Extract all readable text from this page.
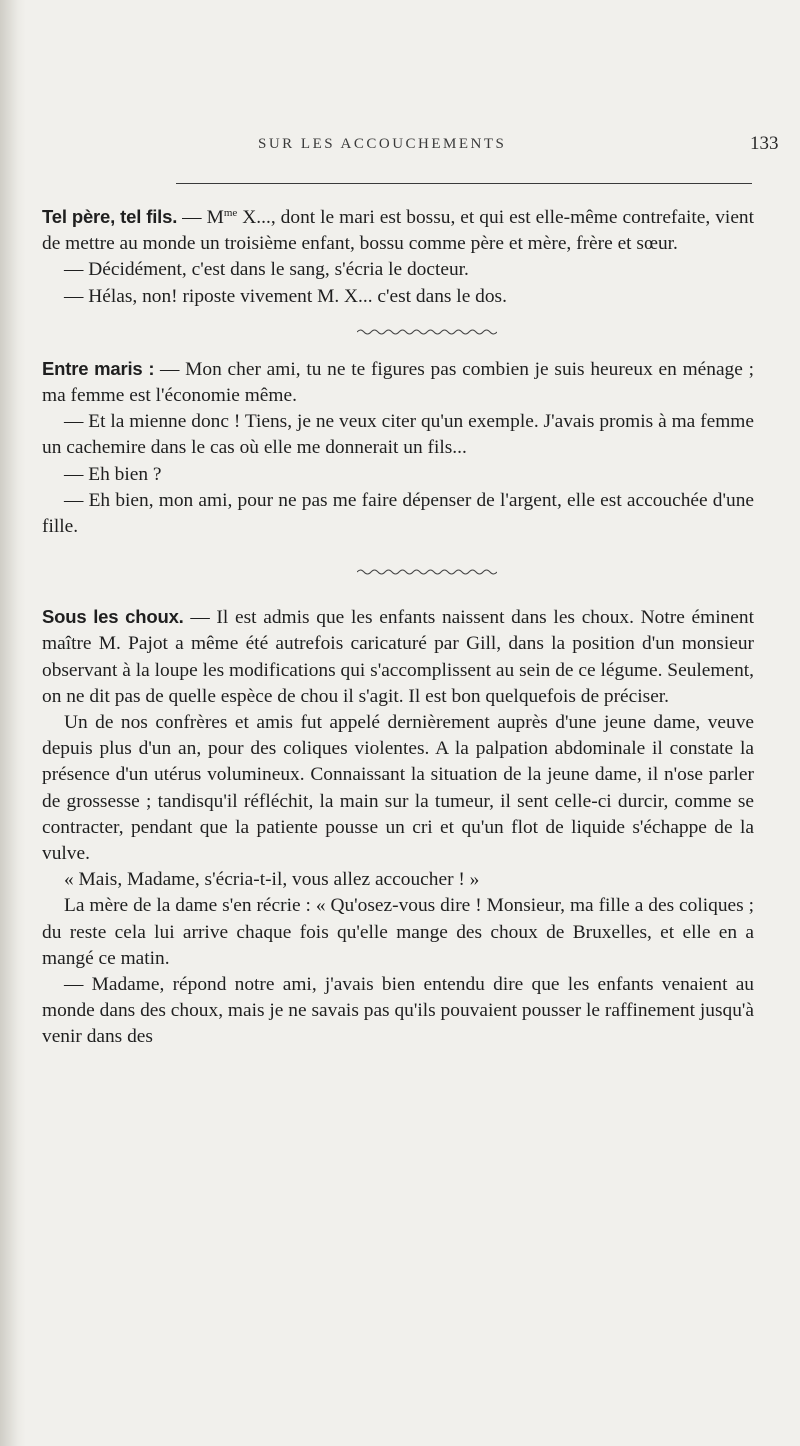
SUR LES ACCOUCHEMENTS	133

Tel père, tel fils. — $M^{me}$ X..., dont le mari est bossu, et qui est elle-même contrefaite, vient de mettre au monde un troisième enfant, bossu comme père et mère, frère et sœur.

— Décidément, c'est dans le sang, s'écria le docteur.

— Hélas, non! riposte vivement M. X... c'est dans le dos.

Entre maris : — Mon cher ami, tu ne te figures pas combien je suis heureux en ménage ; ma femme est l'économie même.

— Et la mienne donc ! Tiens, je ne veux citer qu'un exemple. J'avais promis à ma femme un cachemire dans le cas où elle me donnerait un fils...

— Eh bien ?

— Eh bien, mon ami, pour ne pas me faire dépenser de l'argent, elle est accouchée d'une fille.

Sous les choux. — Il est admis que les enfants naissent dans les choux. Notre éminent maître M. Pajot a même été autrefois caricaturé par Gill, dans la position d'un monsieur observant à la loupe les modifications qui s'accomplissent au sein de ce légume. Seulement, on ne dit pas de quelle espèce de chou il s'agit. Il est bon quelquefois de préciser.

Un de nos confrères et amis fut appelé dernièrement auprès d'une jeune dame, veuve depuis plus d'un an, pour des coliques violentes. A la palpation abdominale il constate la présence d'un utérus volumineux. Connaissant la situation de la jeune dame, il n'ose parler de grossesse ; tandisqu'il réfléchit, la main sur la tumeur, il sent celle-ci durcir, comme se contracter, pendant que la patiente pousse un cri et qu'un flot de liquide s'échappe de la vulve.

« Mais, Madame, s'écria-t-il, vous allez accoucher ! »

La mère de la dame s'en récrie : « Qu'osez-vous dire ! Monsieur, ma fille a des coliques ; du reste cela lui arrive chaque fois qu'elle mange des choux de Bruxelles, et elle en a mangé ce matin.

— Madame, répond notre ami, j'avais bien entendu dire que les enfants venaient au monde dans des choux, mais je ne savais pas qu'ils pouvaient pousser le raffinement jusqu'à venir dans des
